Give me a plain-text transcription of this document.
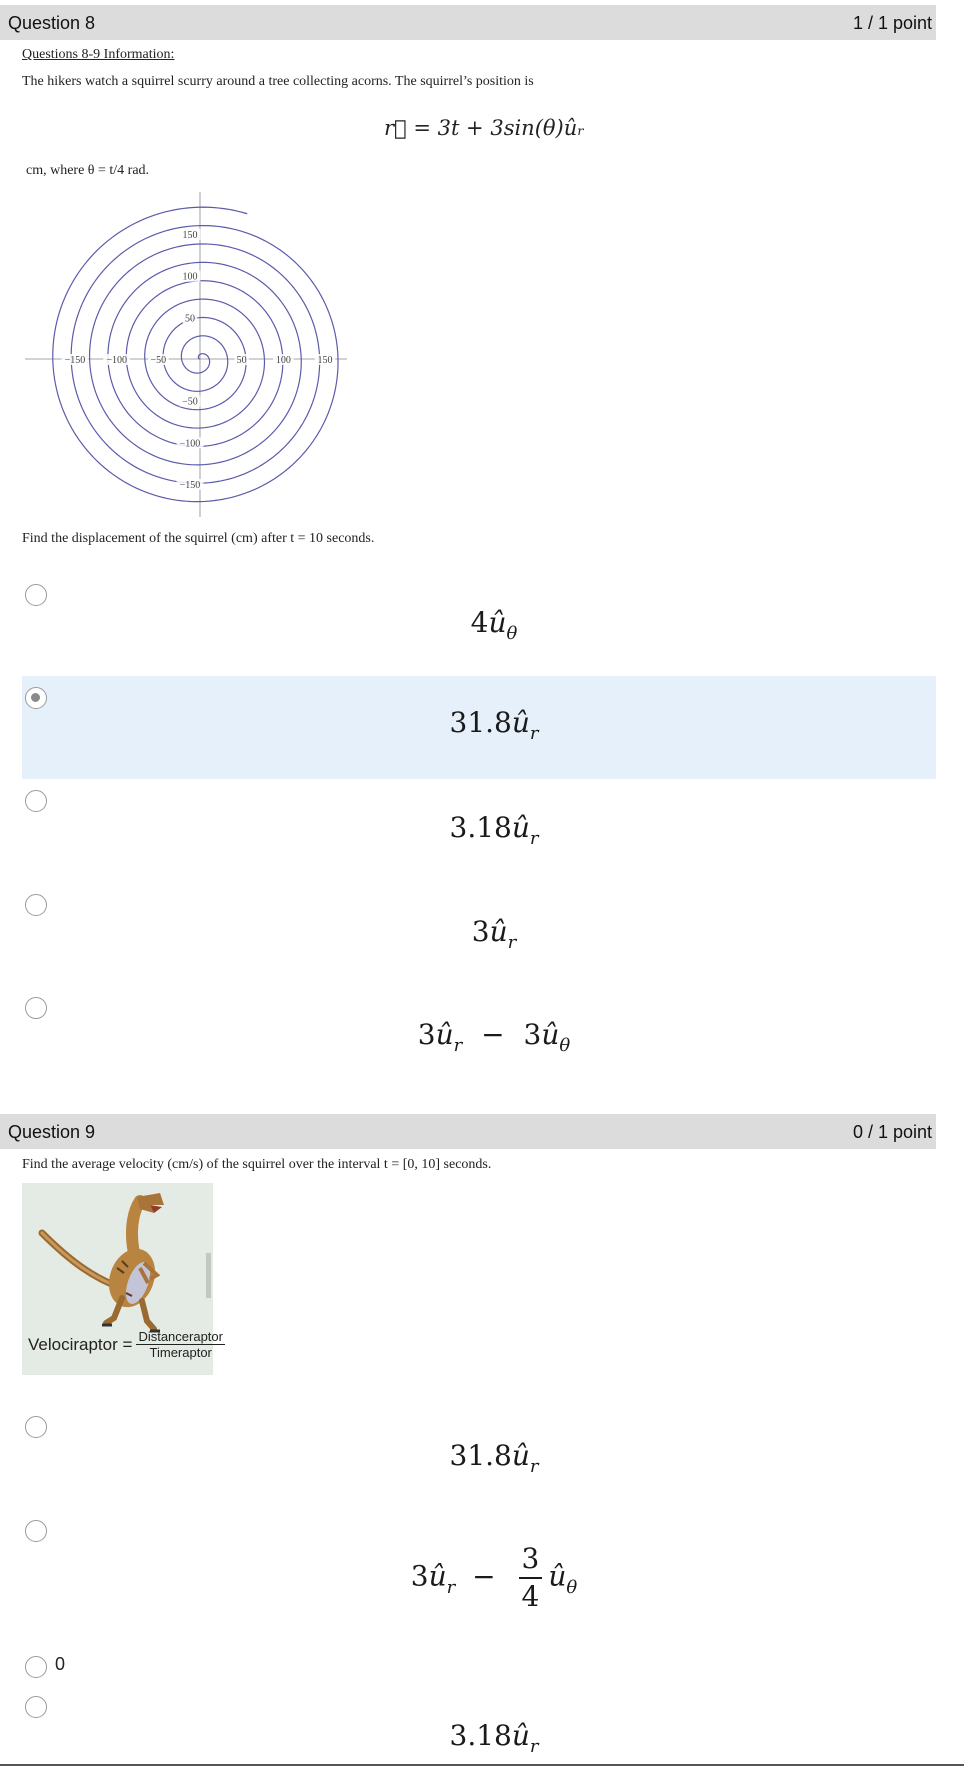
Question 8	1 / 1 point
Questions 8-9 Information:
The hikers watch a squirrel scurry around a tree collecting acorns. The squirrel’s position is
r⃗ = 3t + 3sin(θ)ûᵣ
cm, where θ = t/4 rad.
−150 −100 −50	50	100	150
150
100
50
−50
−100
−150
Find the displacement of the squirrel (cm) after t = 10 seconds.
$4û_\theta$
$31.8û_r$
$3.18û_r$
$3û_r$
$3û_r$ − $3û_\theta$
Question 9	0 / 1 point
Find the average velocity (cm/s) of the squirrel over the interval t = [0, 10] seconds.
Velociraptor = $\frac{\text{Distanceraptor}}{\text{Timeraptor}}$
$31.8û_r$
$3û_r - \frac{3}{4}$ $û_\theta$
0
$3.18û_r$
